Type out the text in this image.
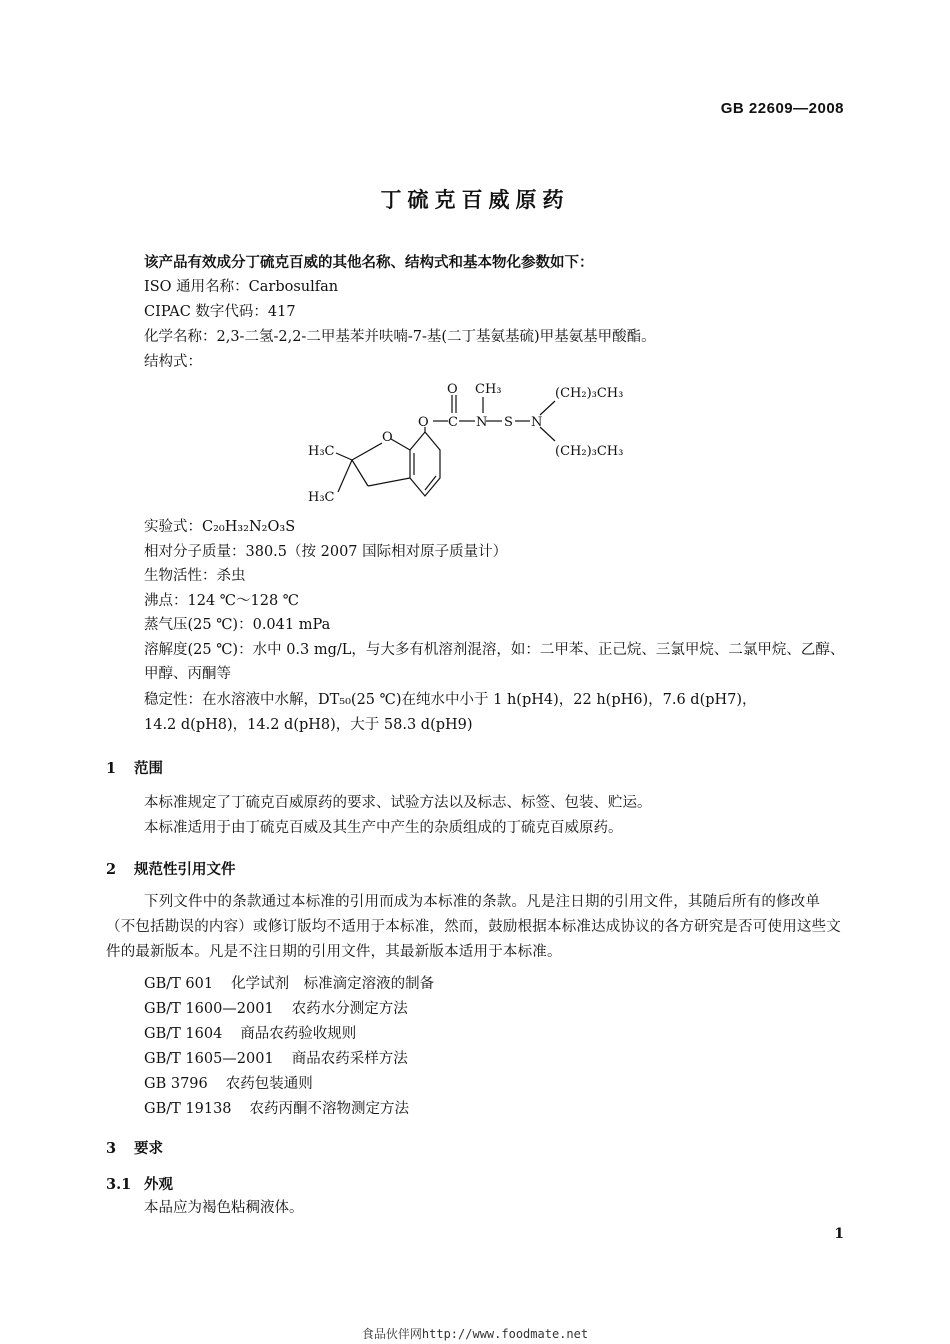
GB 22609—2008
丁硫克百威原药
该产品有效成分丁硫克百威的其他名称、结构式和基本物化参数如下：
ISO 通用名称：Carbosulfan
CIPAC 数字代码：417
化学名称：2,3-二氢-2,2-二甲基苯并呋喃-7-基(二丁基氨基硫)甲基氨基甲酸酯。
结构式：
O CH₃	(CH₂)₃CH₃
(CH₂)₃CH₃
O C N S N
O
H₃C
H₃C
实验式：C₂₀H₃₂N₂O₃S
相对分子质量：380.5（按 2007 国际相对原子质量计）
生物活性：杀虫
沸点：124 ℃～128 ℃
蒸气压(25 ℃)：0.041 mPa
溶解度(25 ℃)：水中 0.3 mg/L，与大多有机溶剂混溶，如：二甲苯、正己烷、三氯甲烷、二氯甲烷、乙醇、甲醇、丙酮等
稳定性：在水溶液中水解，DT₅₀(25 ℃)在纯水中小于 1 h(pH4)，22 h(pH6)，7.6 d(pH7)，
14.2 d(pH8)，14.2 d(pH8)，大于 58.3 d(pH9)
1 范围
本标准规定了丁硫克百威原药的要求、试验方法以及标志、标签、包装、贮运。
本标准适用于由丁硫克百威及其生产中产生的杂质组成的丁硫克百威原药。
2 规范性引用文件
下列文件中的条款通过本标准的引用而成为本标准的条款。凡是注日期的引用文件，其随后所有的修改单（不包括勘误的内容）或修订版均不适用于本标准，然而，鼓励根据本标准达成协议的各方研究是否可使用这些文件的最新版本。凡是不注日期的引用文件，其最新版本适用于本标准。
GB/T 601 化学试剂　标准滴定溶液的制备
GB/T 1600—2001 农药水分测定方法
GB/T 1604 商品农药验收规则
GB/T 1605—2001 商品农药采样方法
GB 3796 农药包装通则
GB/T 19138 农药丙酮不溶物测定方法
3 要求
3.1 外观
本品应为褐色粘稠液体。
1
食品伙伴网http://www.foodmate.net
